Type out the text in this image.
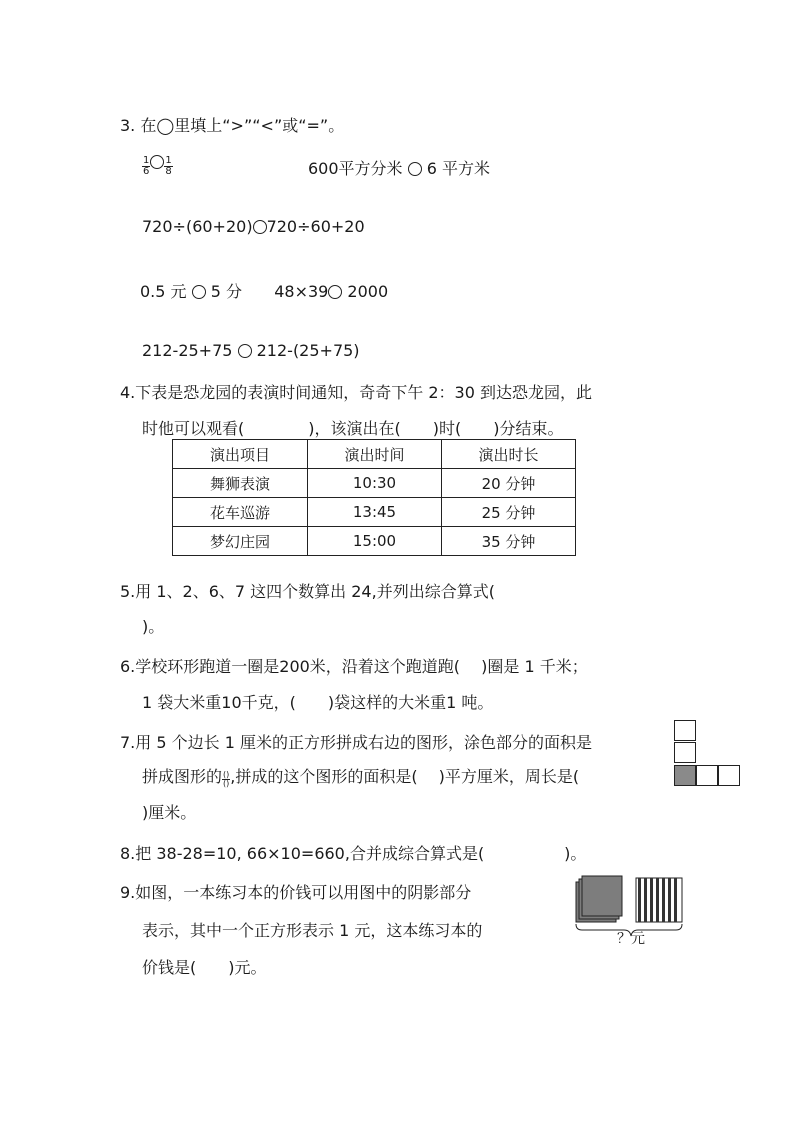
3. 在◯里填上“>”“<”或“=”。
$\frac{1}{6} \frac{1}{8}$	600平方分米 6 平方米
720÷(60+20) 720÷60+20
0.5 元 5 分 48×39 2000
212-25+75 212-(25+75)
4.下表是恐龙园的表演时间通知，奇奇下午 2：30 到达恐龙园，此
时他可以观看(　　　　)，该演出在(　　)时(　　)分结束。
演出项目	演出时间	演出时长
舞狮表演	10:30	20 分钟
花车巡游	13:45	25 分钟
梦幻庄园	15:00	35 分钟
5.用 1、2、6、7 这四个数算出 24,并列出综合算式(
)。
6.学校环形跑道一圈是200米，沿着这个跑道跑(　 )圈是 1 千米；
1 袋大米重10千克，(　　)袋这样的大米重1 吨。
7.用 5 个边长 1 厘米的正方形拼成右边的图形，涂色部分的面积是
拼成图形的 $\frac{()}{()}$ ,拼成的这个图形的面积是(　 )平方厘米，周长是(
)厘米。
8.把 38-28=10, 66×10=660,合并成综合算式是(　　　　　)。
9.如图，一本练习本的价钱可以用图中的阴影部分
表示，其中一个正方形表示 1 元，这本练习本的
价钱是(　　)元。
？元
